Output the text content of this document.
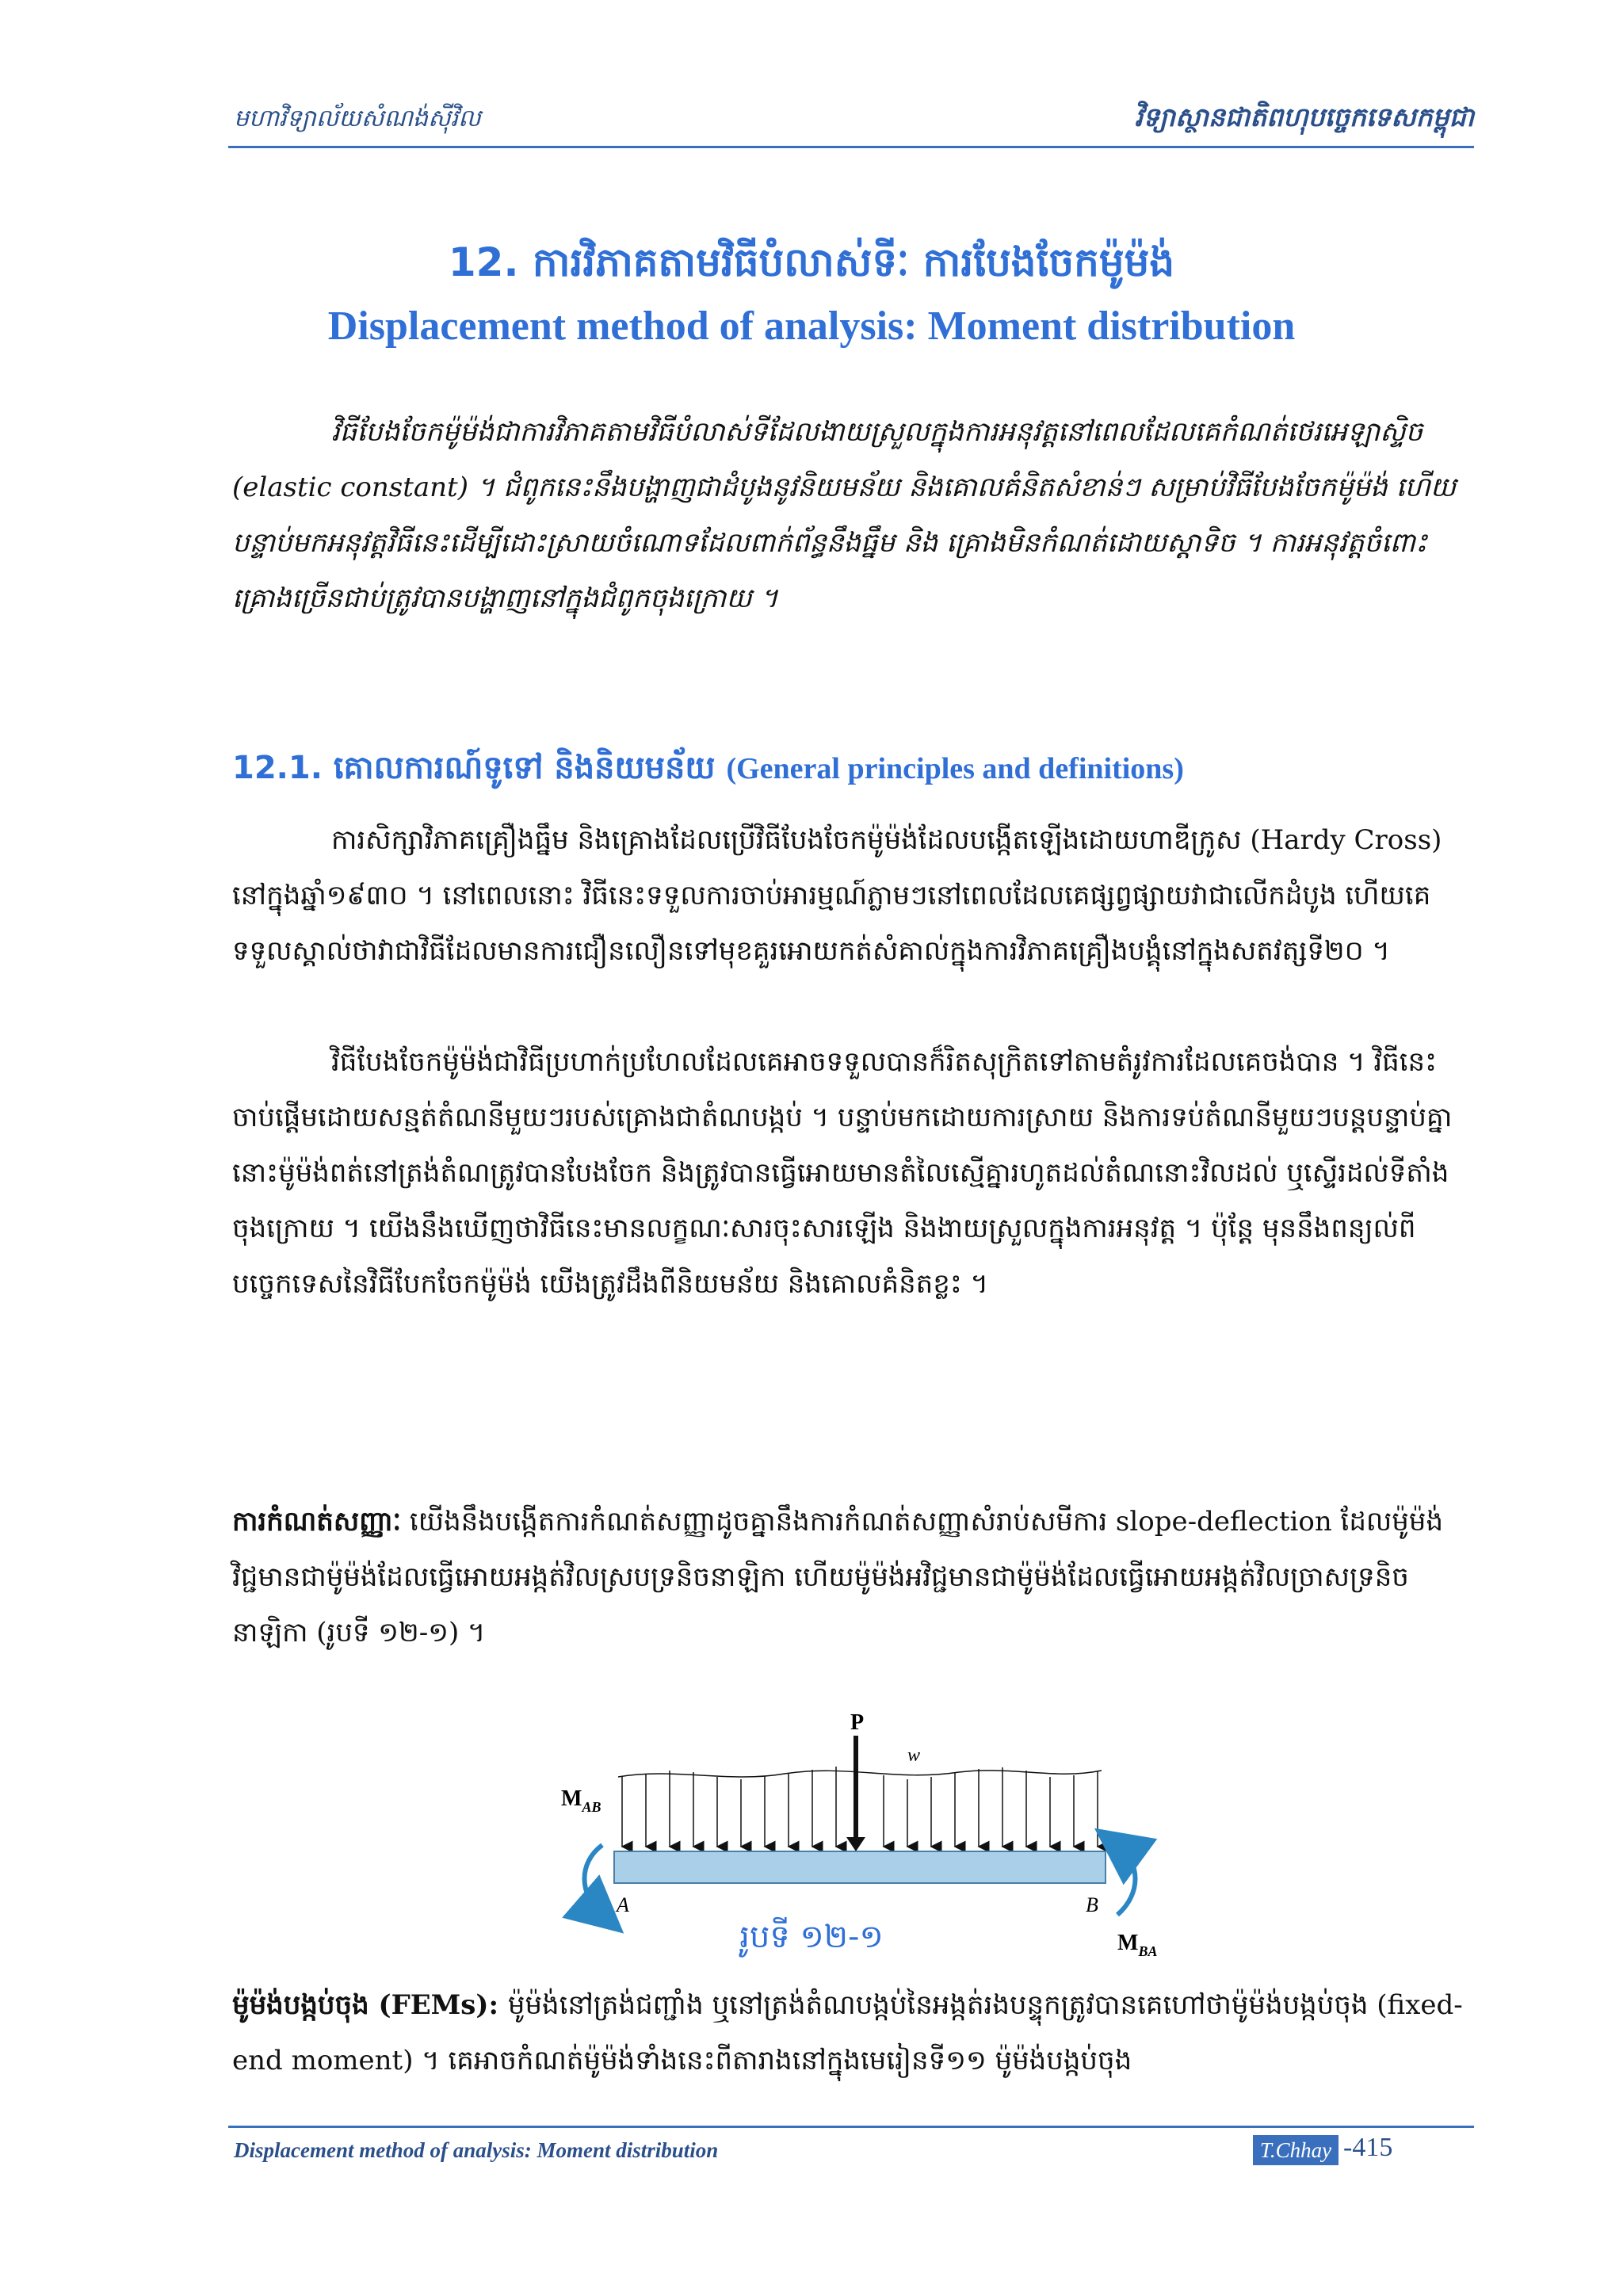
មហាវិទ្យាល័យសំណង់ស៊ីវិល	វិទ្យាស្ថានជាតិពហុបច្ចេកទេសកម្ពុជា
12. ការវិភាគតាមវិធីបំលាស់ទីៈ ការបែងចែកម៉ូម៉ង់
Displacement method of analysis: Moment distribution
វិធីបែងចែកម៉ូម៉ង់ជាការវិភាគតាមវិធីបំលាស់ទីដែលងាយស្រួលក្នុងការអនុវត្តនៅពេលដែលគេកំណត់ថេរអេឡាស្ទិច (elastic constant) ។ ជំពូកនេះនឹងបង្ហាញជាដំបូងនូវនិយមន័យ និងគោលគំនិតសំខាន់ៗ សម្រាប់វិធីបែងចែកម៉ូម៉ង់ ហើយបន្ទាប់មកអនុវត្តវិធីនេះដើម្បីដោះស្រាយចំណោទដែលពាក់ព័ន្ធនឹងធ្នឹម និង គ្រោងមិនកំណត់ដោយស្តាទិច ។ ការអនុវត្តចំពោះគ្រោងច្រើនជាប់ត្រូវបានបង្ហាញនៅក្នុងជំពូកចុងក្រោយ ។
12.1. គោលការណ៍ទូទៅ និងនិយមន័យ (General principles and definitions)
ការសិក្សាវិភាគគ្រឿងធ្នឹម និងគ្រោងដែលប្រើវិធីបែងចែកម៉ូម៉ង់ដែលបង្កើតឡើងដោយហាឌីក្រូស (Hardy Cross) នៅក្នុងឆ្នាំ១៩៣០ ។ នៅពេលនោះ វិធីនេះទទួលការចាប់អារម្មណ៍ភ្លាមៗនៅពេលដែលគេផ្សព្វផ្សាយវាជាលើកដំបូង ហើយគេទទួលស្គាល់ថាវាជាវិធីដែលមានការជឿនលឿនទៅមុខគួរអោយកត់សំគាល់ក្នុងការវិភាគគ្រឿងបង្គុំនៅក្នុងសតវត្សទី២០ ។
វិធីបែងចែកម៉ូម៉ង់ជាវិធីប្រហាក់ប្រហែលដែលគេអាចទទួលបានក៏រិតសុក្រិតទៅតាមតំរូវការដែលគេចង់បាន ។ វិធីនេះចាប់ផ្តើមដោយសន្មត់តំណនីមួយៗរបស់គ្រោងជាតំណបង្កប់ ។ បន្ទាប់មកដោយការស្រាយ និងការទប់តំណនីមួយៗបន្តបន្ទាប់គ្នា នោះម៉ូម៉ង់ពត់នៅត្រង់តំណត្រូវបានបែងចែក និងត្រូវបានធ្វើអោយមានតំលៃស្មើគ្នារហូតដល់តំណនោះវិលដល់ ឬស្ទើរដល់ទីតាំងចុងក្រោយ ។ យើងនឹងឃើញថាវិធីនេះមានលក្ខណៈសារចុះសារឡើង និងងាយស្រួលក្នុងការអនុវត្ត ។ ប៉ុន្តែ មុននឹងពន្យល់ពីបច្ចេកទេសនៃវិធីបែកចែកម៉ូម៉ង់ យើងត្រូវដឹងពីនិយមន័យ និងគោលគំនិតខ្លះ ។
ការកំណត់សញ្ញាៈ យើងនឹងបង្កើតការកំណត់សញ្ញាដូចគ្នានឹងការកំណត់សញ្ញាសំរាប់សមីការ slope-deflection ដែលម៉ូម៉ង់វិជ្ជមានជាម៉ូម៉ង់ដែលធ្វើអោយអង្កត់វិលស្របទ្រនិចនាឡិកា ហើយម៉ូម៉ង់អវិជ្ជមានជាម៉ូម៉ង់ដែលធ្វើអោយអង្កត់វិលច្រាសទ្រនិចនាឡិកា (រូបទី ១២-១) ។
P
w
$M_{AB}$
$M_{BA}$
A	B
រូបទី ១២-១
ម៉ូម៉ង់បង្កប់ចុង (FEMs): ម៉ូម៉ង់នៅត្រង់ជញ្ជាំង ឬនៅត្រង់តំណបង្កប់នៃអង្កត់រងបន្ទុកត្រូវបានគេហៅថាម៉ូម៉ង់បង្កប់ចុង (fixed-end moment) ។ គេអាចកំណត់ម៉ូម៉ង់ទាំងនេះពីតារាងនៅក្នុងមេរៀនទី១១ ម៉ូម៉ង់បង្កប់ចុង
Displacement method of analysis: Moment distribution	T.Chhay -415
